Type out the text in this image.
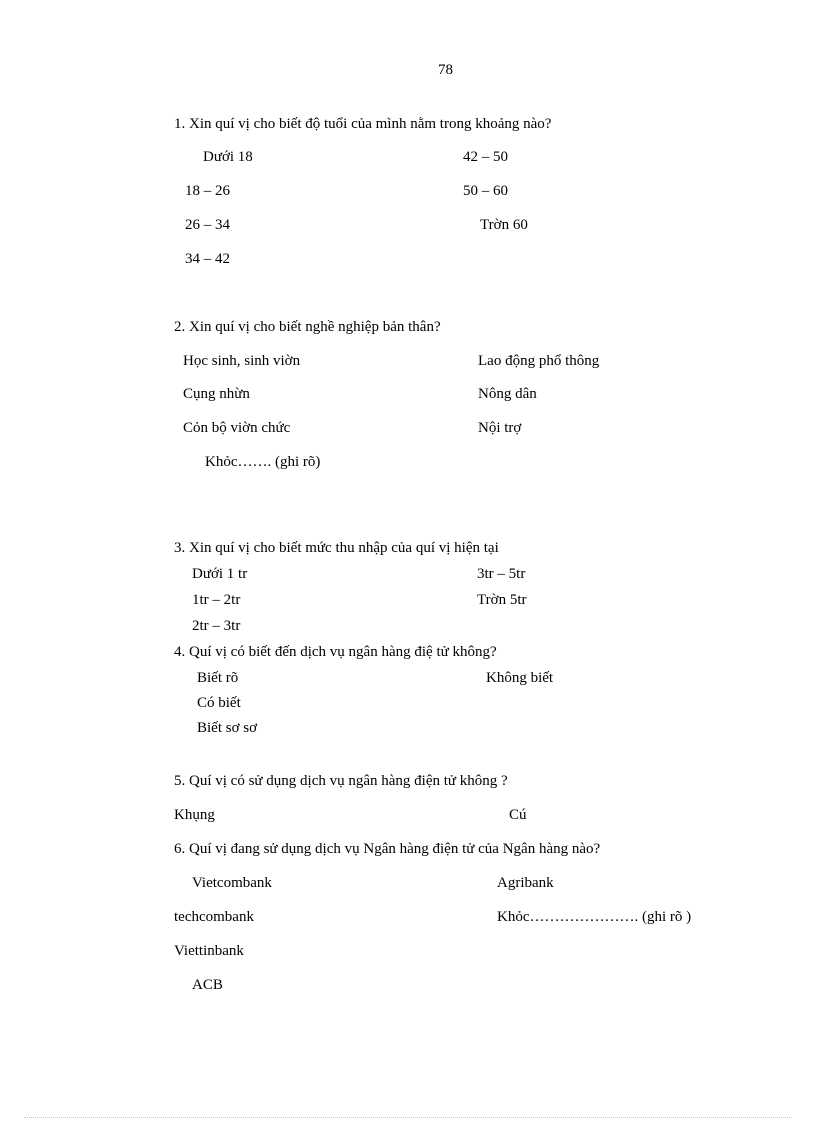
78
1. Xin quí vị cho biết độ tuổi của mình nằm trong khoảng nào?
Dưới 18
18 – 26
26 – 34
34 – 42
42 – 50
50 – 60
Trờn 60
2. Xin quí vị cho biết nghề nghiệp bản thân?
Học sinh, sinh viờn
Cụng nhừn
Cỏn bộ viờn chức
Khỏc……. (ghi rõ)
Lao động phổ thông
Nông dân
Nội trợ
3. Xin quí vị cho biết mức thu nhập của quí vị hiện tại
Dưới 1 tr
1tr – 2tr
2tr – 3tr
3tr – 5tr
Trờn 5tr
4. Quí vị có biết đến dịch vụ ngân hàng điệ tử không?
Biết rõ
Có biết
Biết sơ sơ
Không biết
5. Quí vị có sử dụng dịch vụ ngân hàng điện tử không ?
Khụng	Cú
6. Quí vị đang sử dụng dịch vụ Ngân hàng điện tử của Ngân hàng nào?
Vietcombank
techcombank
Viettinbank
ACB
Agribank
Khỏc…………………. (ghi rõ )
